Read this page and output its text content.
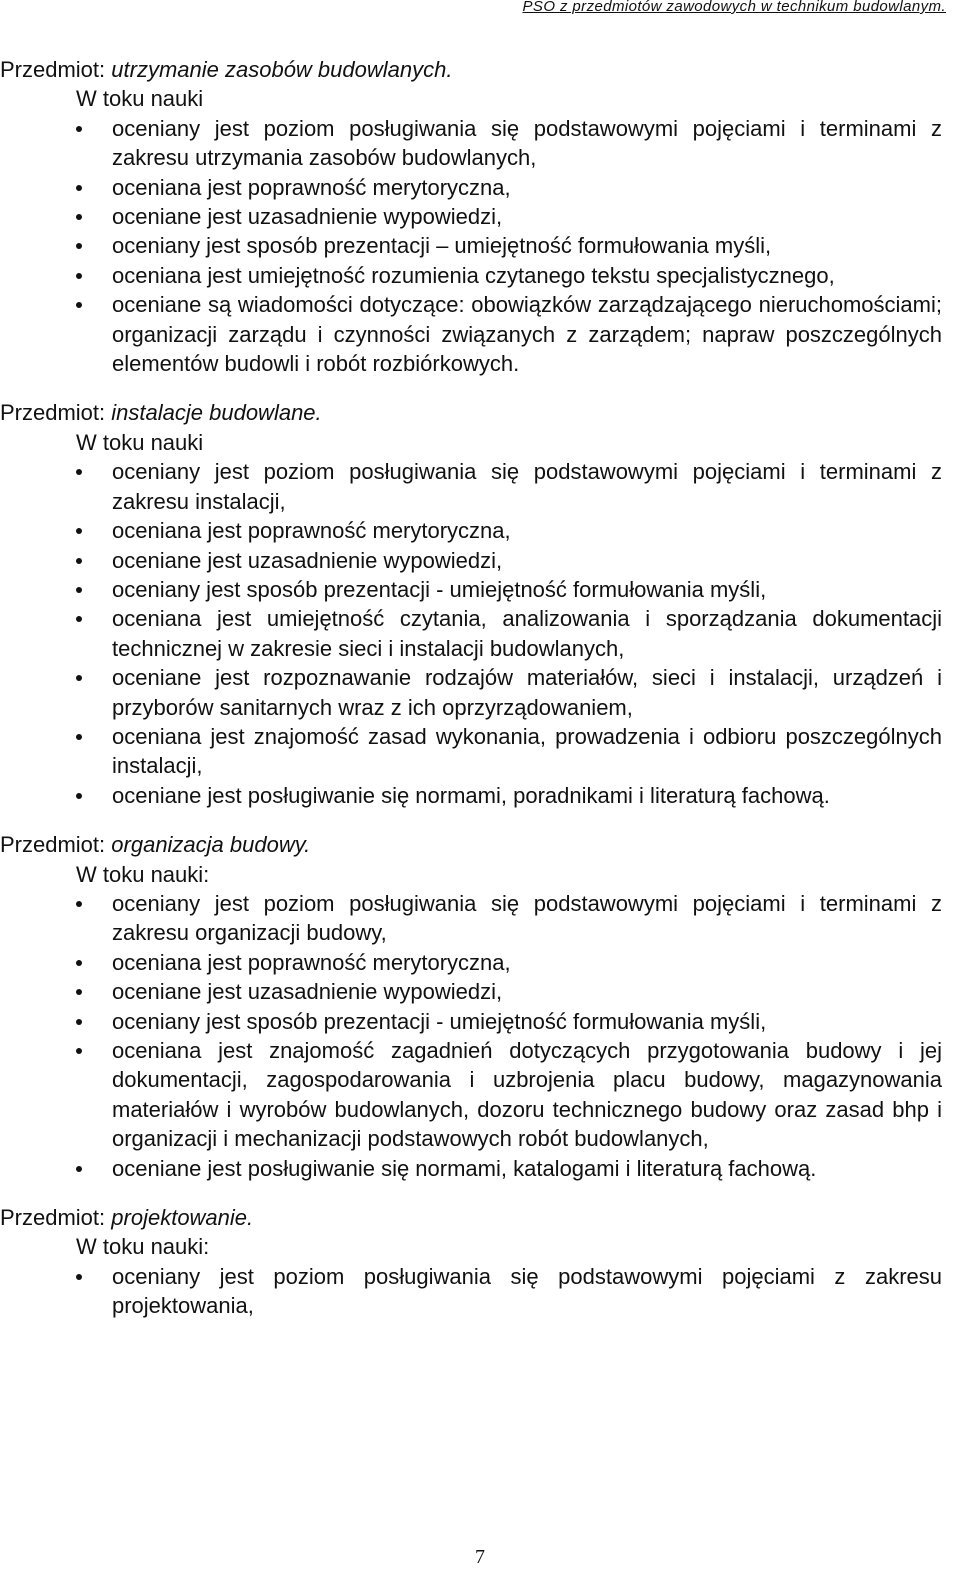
PSO z przedmiotów zawodowych w technikum budowlanym.
Przedmiot: utrzymanie zasobów budowlanych.
W toku nauki
oceniany jest poziom posługiwania się podstawowymi pojęciami i terminami z zakresu utrzymania zasobów budowlanych,
oceniana jest poprawność merytoryczna,
oceniane jest uzasadnienie wypowiedzi,
oceniany jest sposób prezentacji – umiejętność formułowania myśli,
oceniana jest umiejętność rozumienia czytanego tekstu specjalistycznego,
oceniane są wiadomości dotyczące: obowiązków zarządzającego nieruchomościami; organizacji zarządu i czynności związanych z zarządem; napraw poszczególnych elementów budowli i robót rozbiórkowych.
Przedmiot: instalacje budowlane.
W toku nauki
oceniany jest poziom posługiwania się podstawowymi pojęciami i terminami z zakresu instalacji,
oceniana jest poprawność merytoryczna,
oceniane jest uzasadnienie wypowiedzi,
oceniany jest sposób prezentacji - umiejętność formułowania myśli,
oceniana jest umiejętność czytania, analizowania i sporządzania dokumentacji technicznej w zakresie sieci i instalacji budowlanych,
oceniane jest rozpoznawanie rodzajów materiałów, sieci i instalacji, urządzeń i przyborów sanitarnych wraz z ich oprzyrządowaniem,
oceniana jest znajomość zasad wykonania, prowadzenia i odbioru poszczególnych instalacji,
oceniane jest posługiwanie się normami, poradnikami i literaturą fachową.
Przedmiot: organizacja budowy.
W toku nauki:
oceniany jest poziom posługiwania się podstawowymi pojęciami i terminami z zakresu organizacji budowy,
oceniana jest poprawność merytoryczna,
oceniane jest uzasadnienie wypowiedzi,
oceniany jest sposób prezentacji - umiejętność formułowania myśli,
oceniana jest znajomość zagadnień dotyczących przygotowania budowy i jej dokumentacji, zagospodarowania i uzbrojenia placu budowy, magazynowania materiałów i wyrobów budowlanych, dozoru technicznego budowy oraz zasad bhp i organizacji i mechanizacji podstawowych robót budowlanych,
oceniane jest posługiwanie się normami, katalogami i literaturą fachową.
Przedmiot: projektowanie.
W toku nauki:
oceniany jest poziom posługiwania się podstawowymi pojęciami z zakresu projektowania,
7
